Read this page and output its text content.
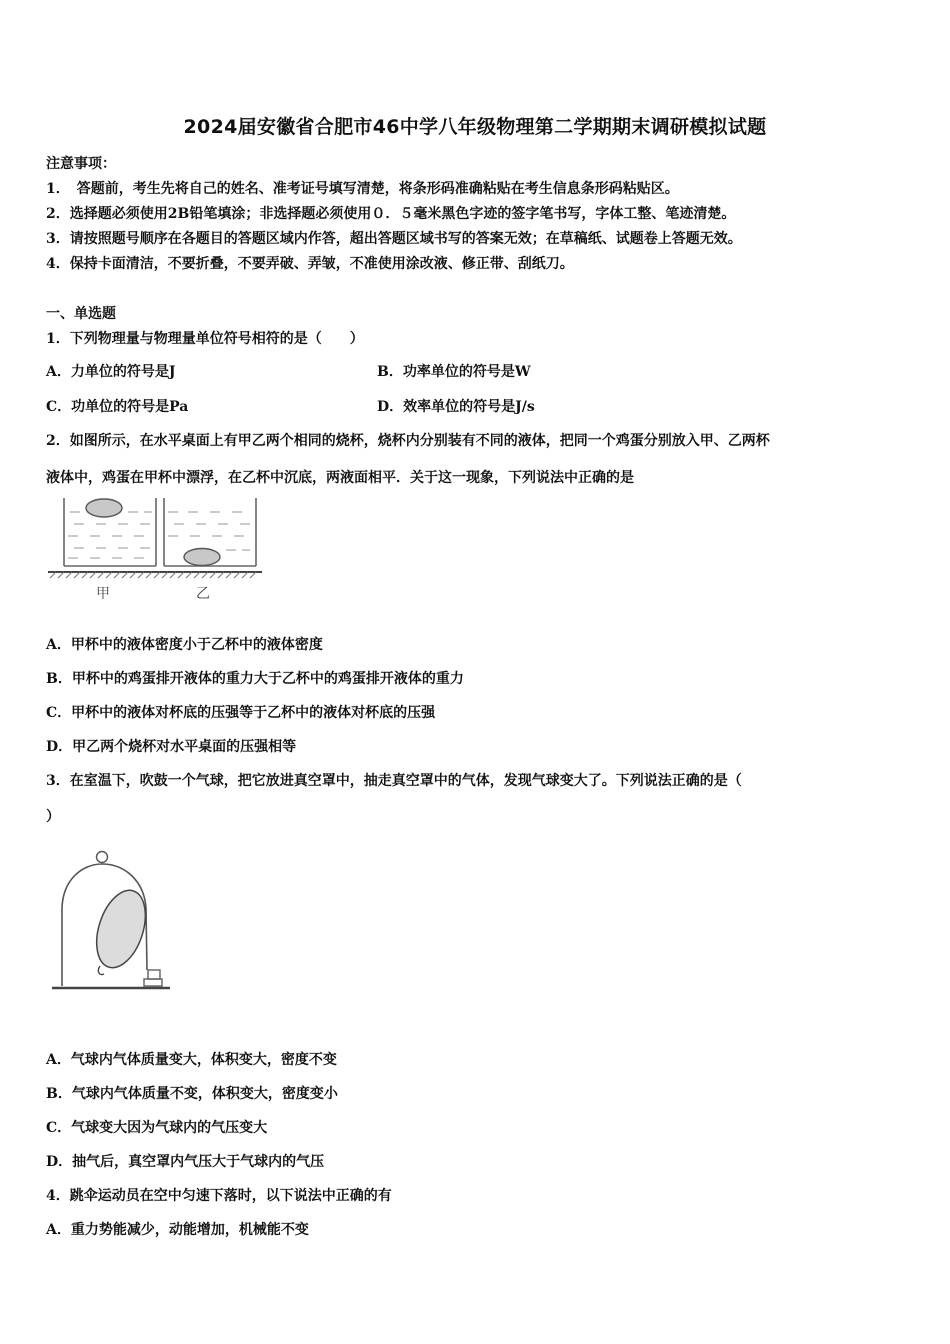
2024届安徽省合肥市46中学八年级物理第二学期期末调研模拟试题
注意事项：
1．　答题前，考生先将自己的姓名、准考证号填写清楚，将条形码准确粘贴在考生信息条形码粘贴区。
2．选择题必须使用2B铅笔填涂；非选择题必须使用０．５毫米黑色字迹的签字笔书写，字体工整、笔迹清楚。
3．请按照题号顺序在各题目的答题区域内作答，超出答题区域书写的答案无效；在草稿纸、试题卷上答题无效。
4．保持卡面清洁，不要折叠，不要弄破、弄皱，不准使用涂改液、修正带、刮纸刀。
一、单选题
1．下列物理量与物理量单位符号相符的是（　　）
A．力单位的符号是J	B．功率单位的符号是W
C．功单位的符号是Pa	D．效率单位的符号是J/s
2．如图所示，在水平桌面上有甲乙两个相同的烧杯，烧杯内分别装有不同的液体，把同一个鸡蛋分别放入甲、乙两杯
液体中，鸡蛋在甲杯中漂浮，在乙杯中沉底，两液面相平．关于这一现象，下列说法中正确的是
甲	乙
A．甲杯中的液体密度小于乙杯中的液体密度
B．甲杯中的鸡蛋排开液体的重力大于乙杯中的鸡蛋排开液体的重力
C．甲杯中的液体对杯底的压强等于乙杯中的液体对杯底的压强
D．甲乙两个烧杯对水平桌面的压强相等
3．在室温下，吹鼓一个气球，把它放进真空罩中，抽走真空罩中的气体，发现气球变大了。下列说法正确的是（
）
A．气球内气体质量变大，体积变大，密度不变
B．气球内气体质量不变，体积变大，密度变小
C．气球变大因为气球内的气压变大
D．抽气后，真空罩内气压大于气球内的气压
4．跳伞运动员在空中匀速下落时，以下说法中正确的有
A．重力势能减少，动能增加，机械能不变
